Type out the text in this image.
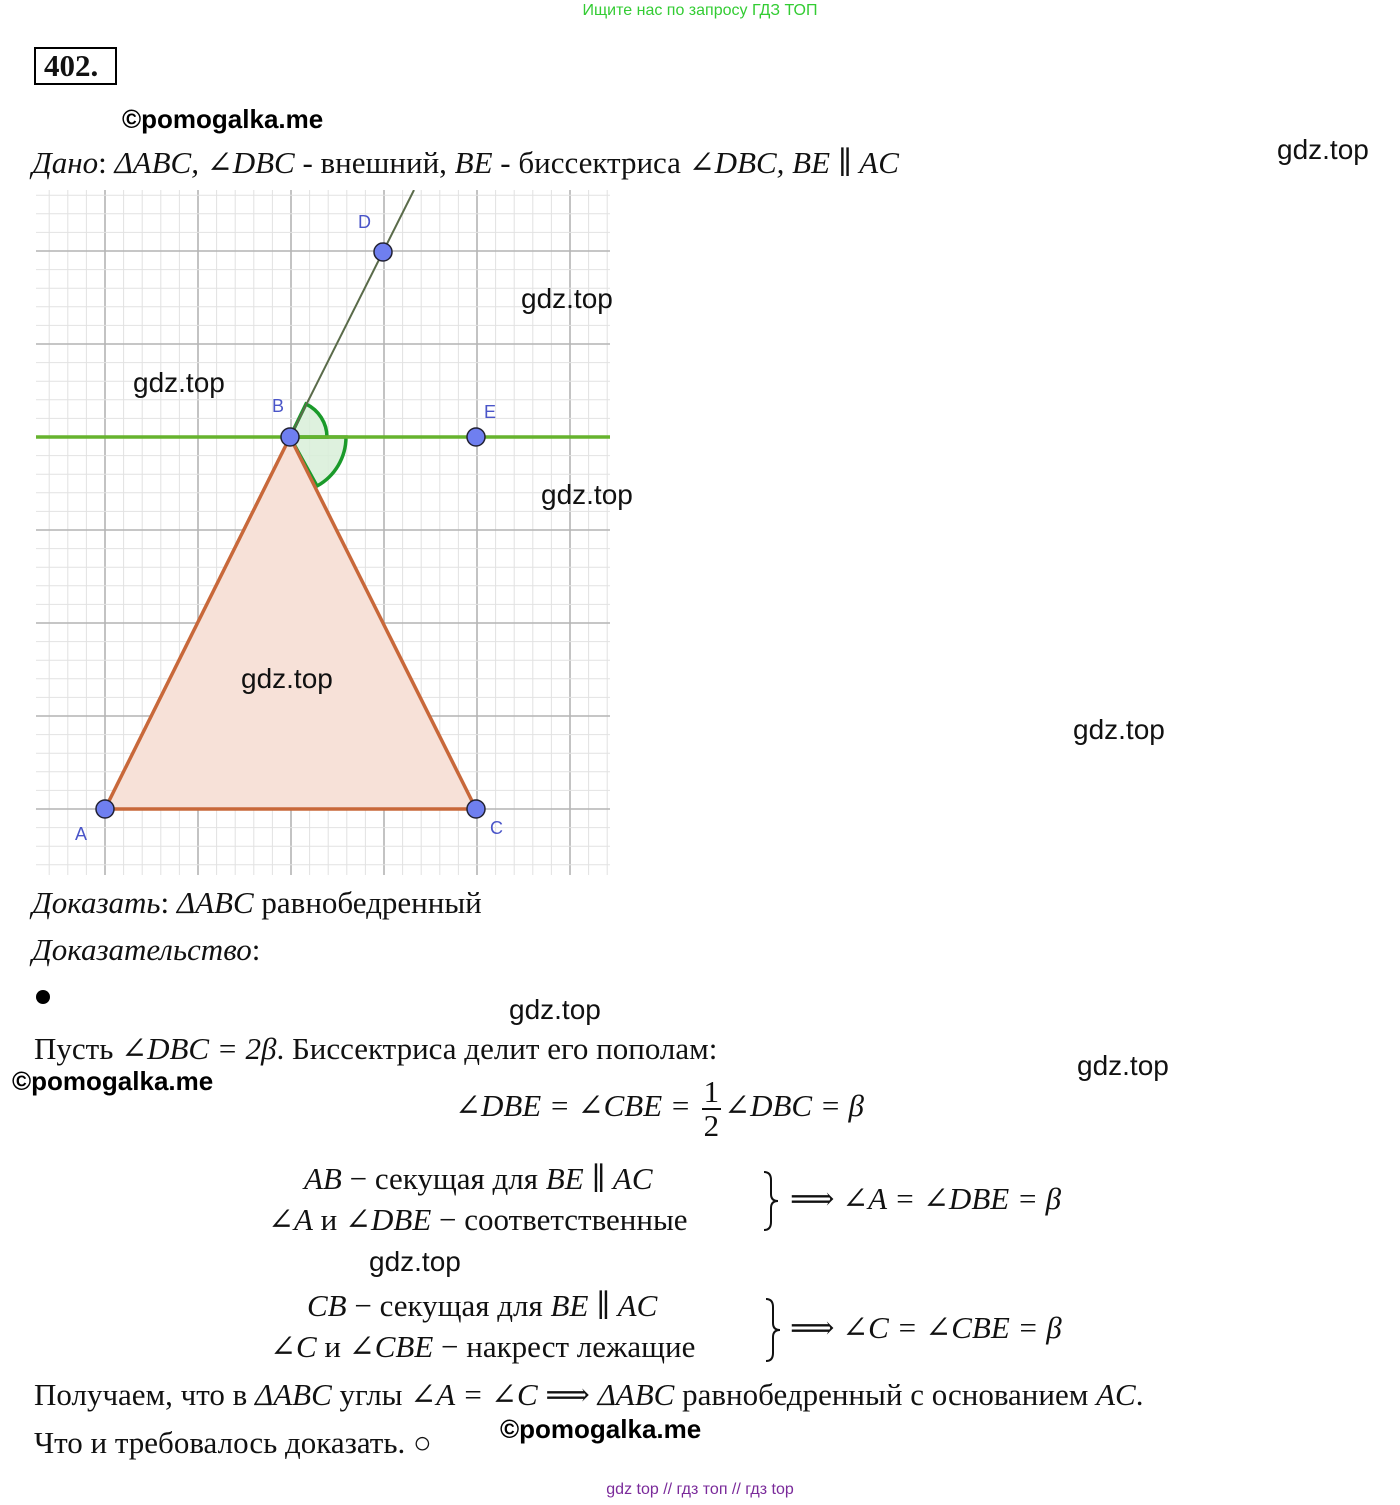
Ищите нас по запросу ГДЗ ТОП
402.
©pomogalka.me
gdz.top
Дано: ΔABC, ∠DBC - внешний, BE - биссектриса ∠DBC, BE ∥ AC
A
B
C
D
E
gdz.top
gdz.top
gdz.top
gdz.top
gdz.top
Доказать: ΔABC равнобедренный
Доказательство:
gdz.top
Пусть ∠DBC = 2β. Биссектриса делит его пополам:
©pomogalka.me	gdz.top
∠DBE = ∠CBE = $\frac{1}{2}$ ∠DBC = β
AB − секущая для BE ∥ AC
∠A и ∠DBE − соответственные
⟹ ∠A = ∠DBE = β
gdz.top
CB − секущая для BE ∥ AC
∠C и ∠CBE − накрест лежащие
⟹ ∠C = ∠CBE = β
Получаем, что в ΔABC углы ∠A = ∠C ⟹ ΔABC равнобедренный с основанием AC.
Что и требовалось доказать. ○	©pomogalka.me
gdz top // гдз топ // гдз top
